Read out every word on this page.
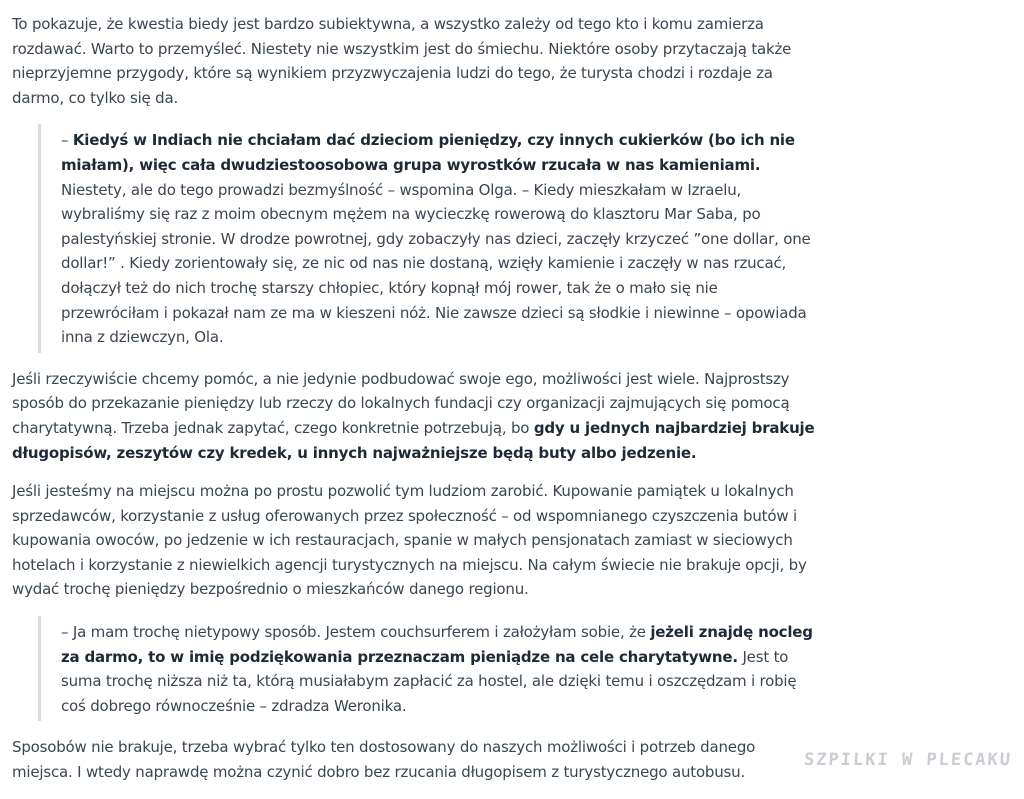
To pokazuje, że kwestia biedy jest bardzo subiektywna, a wszystko zależy od tego kto i komu zamierza rozdawać. Warto to przemyśleć. Niestety nie wszystkim jest do śmiechu. Niektóre osoby przytaczają także nieprzyjemne przygody, które są wynikiem przyzwyczajenia ludzi do tego, że turysta chodzi i rozdaje za darmo, co tylko się da.

– Kiedyś w Indiach nie chciałam dać dzieciom pieniędzy, czy innych cukierków (bo ich nie miałam), więc cała dwudziestoosobowa grupa wyrostków rzucała w nas kamieniami. Niestety, ale do tego prowadzi bezmyślność – wspomina Olga. – Kiedy mieszkałam w Izraelu, wybraliśmy się raz z moim obecnym mężem na wycieczkę rowerową do klasztoru Mar Saba, po palestyńskiej stronie. W drodze powrotnej, gdy zobaczyły nas dzieci, zaczęły krzyczeć ”one dollar, one dollar!” . Kiedy zorientowały się, ze nic od nas nie dostaną, wzięły kamienie i zaczęły w nas rzucać, dołączył też do nich trochę starszy chłopiec, który kopnął mój rower, tak że o mało się nie przewróciłam i pokazał nam ze ma w kieszeni nóż. Nie zawsze dzieci są słodkie i niewinne – opowiada inna z dziewczyn, Ola.

Jeśli rzeczywiście chcemy pomóc, a nie jedynie podbudować swoje ego, możliwości jest wiele. Najprostszy sposób do przekazanie pieniędzy lub rzeczy do lokalnych fundacji czy organizacji zajmujących się pomocą charytatywną. Trzeba jednak zapytać, czego konkretnie potrzebują, bo gdy u jednych najbardziej brakuje długopisów, zeszytów czy kredek, u innych najważniejsze będą buty albo jedzenie.

Jeśli jesteśmy na miejscu można po prostu pozwolić tym ludziom zarobić. Kupowanie pamiątek u lokalnych sprzedawców, korzystanie z usług oferowanych przez społeczność – od wspomnianego czyszczenia butów i kupowania owoców, po jedzenie w ich restauracjach, spanie w małych pensjonatach zamiast w sieciowych hotelach i korzystanie z niewielkich agencji turystycznych na miejscu. Na całym świecie nie brakuje opcji, by wydać trochę pieniędzy bezpośrednio o mieszkańców danego regionu.

– Ja mam trochę nietypowy sposób. Jestem couchsurferem i założyłam sobie, że jeżeli znajdę nocleg za darmo, to w imię podziękowania przeznaczam pieniądze na cele charytatywne. Jest to suma trochę niższa niż ta, którą musiałabym zapłacić za hostel, ale dzięki temu i oszczędzam i robię coś dobrego równocześnie – zdradza Weronika.

Sposobów nie brakuje, trzeba wybrać tylko ten dostosowany do naszych możliwości i potrzeb danego miejsca. I wtedy naprawdę można czynić dobro bez rzucania długopisem z turystycznego autobusu.

SZPILKI W PLECAKU
